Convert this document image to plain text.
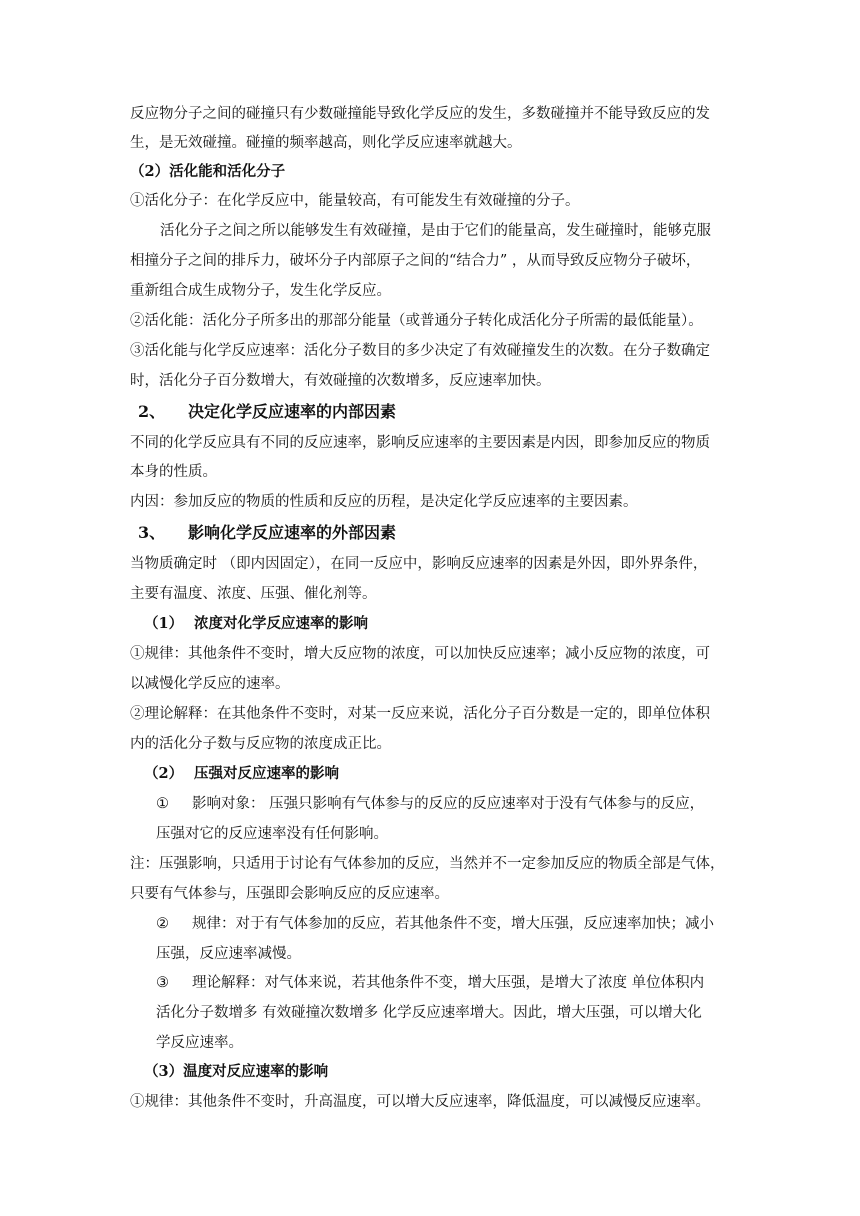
反应物分子之间的碰撞只有少数碰撞能导致化学反应的发生，多数碰撞并不能导致反应的发
生，是无效碰撞。碰撞的频率越高，则化学反应速率就越大。
（2）活化能和活化分子
①活化分子：在化学反应中，能量较高，有可能发生有效碰撞的分子。
活化分子之间之所以能够发生有效碰撞，是由于它们的能量高，发生碰撞时，能够克服
相撞分子之间的排斥力，破坏分子内部原子之间的“结合力” ，从而导致反应物分子破坏，
重新组合成生成物分子，发生化学反应。
②活化能：活化分子所多出的那部分能量（或普通分子转化成活化分子所需的最低能量）。
③活化能与化学反应速率：活化分子数目的多少决定了有效碰撞发生的次数。在分子数确定
时，活化分子百分数增大，有效碰撞的次数增多，反应速率加快。
2、 决定化学反应速率的内部因素
不同的化学反应具有不同的反应速率，影响反应速率的主要因素是内因，即参加反应的物质
本身的性质。
内因：参加反应的物质的性质和反应的历程，是决定化学反应速率的主要因素。
3、 影响化学反应速率的外部因素
当物质确定时 （即内因固定），在同一反应中，影响反应速率的因素是外因，即外界条件，
主要有温度、浓度、压强、催化剂等。
（1） 浓度对化学反应速率的影响
①规律：其他条件不变时，增大反应物的浓度，可以加快反应速率；减小反应物的浓度，可
以减慢化学反应的速率。
②理论解释：在其他条件不变时，对某一反应来说，活化分子百分数是一定的，即单位体积
内的活化分子数与反应物的浓度成正比。
（2） 压强对反应速率的影响
① 影响对象： 压强只影响有气体参与的反应的反应速率对于没有气体参与的反应，
压强对它的反应速率没有任何影响。
注：压强影响，只适用于讨论有气体参加的反应，当然并不一定参加反应的物质全部是气体，
只要有气体参与，压强即会影响反应的反应速率。
② 规律：对于有气体参加的反应，若其他条件不变，增大压强，反应速率加快；减小
压强，反应速率减慢。
③ 理论解释：对气体来说，若其他条件不变，增大压强，是增大了浓度 单位体积内
活化分子数增多 有效碰撞次数增多 化学反应速率增大。因此，增大压强，可以增大化
学反应速率。
（3）温度对反应速率的影响
①规律：其他条件不变时，升高温度，可以增大反应速率，降低温度，可以减慢反应速率。
